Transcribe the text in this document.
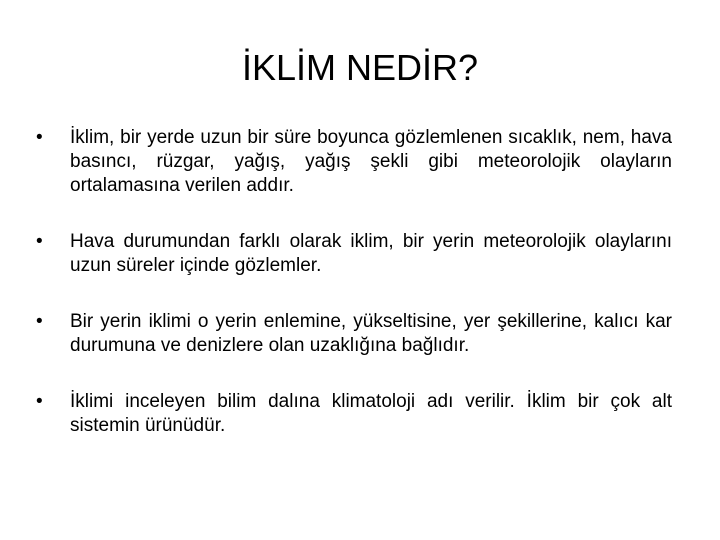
İKLİM NEDİR?
•	İklim, bir yerde uzun bir süre boyunca gözlemlenen sıcaklık, nem, hava basıncı, rüzgar, yağış, yağış şekli gibi meteorolojik olayların ortalamasına verilen addır.
•	Hava durumundan farklı olarak iklim, bir yerin meteorolojik olaylarını uzun süreler içinde gözlemler.
•	Bir yerin iklimi o yerin enlemine, yükseltisine, yer şekillerine, kalıcı kar durumuna ve denizlere olan uzaklığına bağlıdır.
•	İklimi inceleyen bilim dalına klimatoloji adı verilir. İklim bir çok alt sistemin ürünüdür.
